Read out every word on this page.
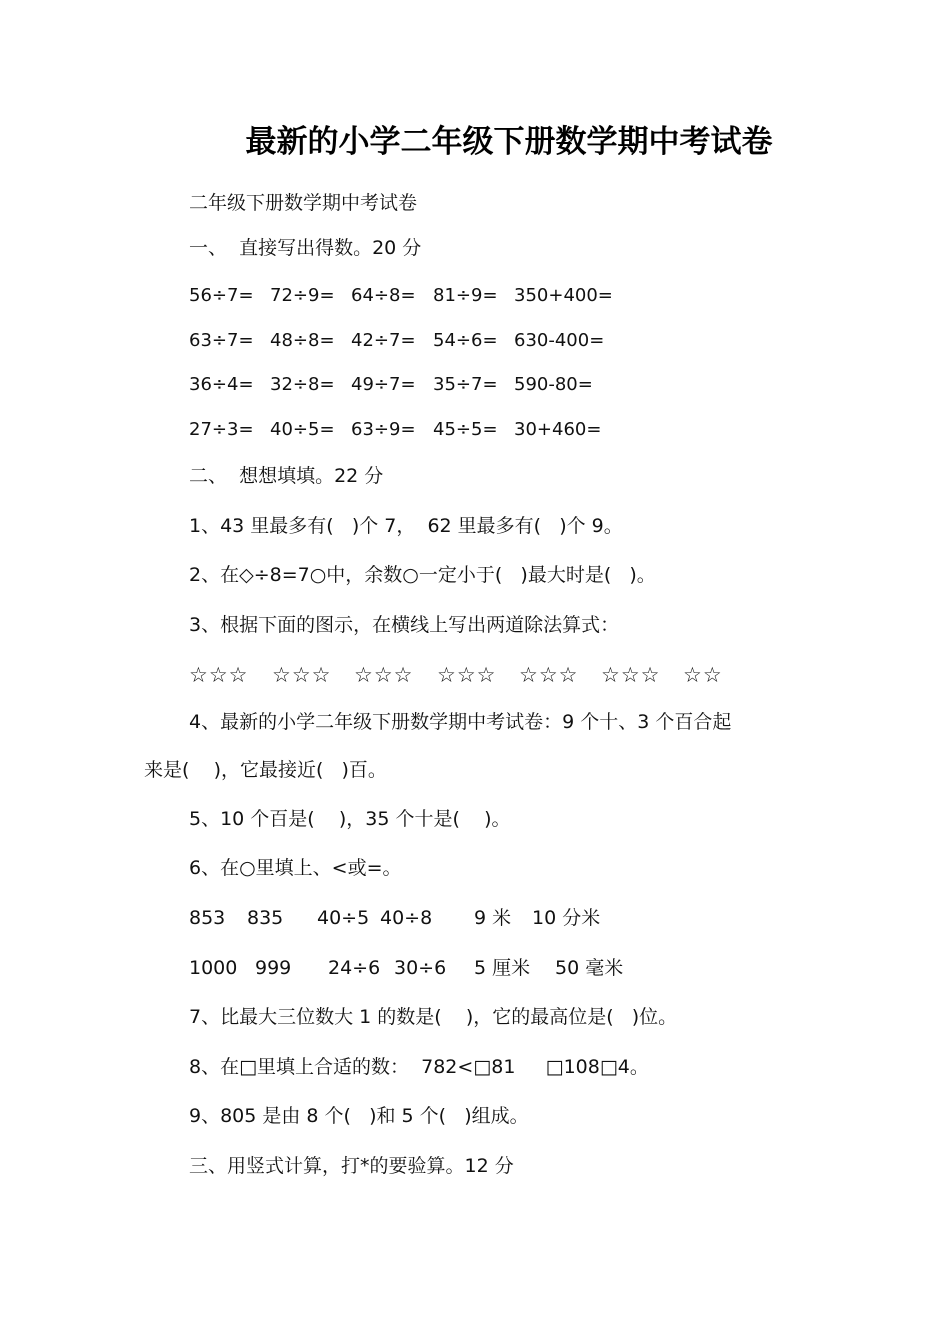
最新的小学二年级下册数学期中考试卷
二年级下册数学期中考试卷
一、  直接写出得数。20 分

56÷7=

72÷9=

64÷8=

81÷9=

350+400=

63÷7=

48÷8=

42÷7=

54÷6=

630-400=

36÷4=

32÷8=

49÷7=

35÷7=

590-80=

27÷3=

40÷5=

63÷9=

45÷5=

30+460=

二、  想想填填。22 分
1、43 里最多有(   )个 7，  62 里最多有(   )个 9。
2、在◇÷8=7○中，余数○一定小于(   )最大时是(   )。
3、根据下面的图示，在横线上写出两道除法算式：

☆☆☆

☆☆☆

☆☆☆

☆☆☆

☆☆☆

☆☆☆

☆☆

4、最新的小学二年级下册数学期中考试卷：9 个十、3 个百合起
来是(    )，它最接近(   )百。
5、10 个百是(    )，35 个十是(    )。
6、在○里填上、<或=。

853

835

40÷5

40÷8

9 米

10 分米

1000

999

24÷6

30÷6

5 厘米

50 毫米

7、比最大三位数大 1 的数是(    )，它的最高位是(   )位。
8、在□里填上合适的数：  782<□81     □108□4。
9、805 是由 8 个(   )和 5 个(   )组成。
三、用竖式计算，打*的要验算。12 分
